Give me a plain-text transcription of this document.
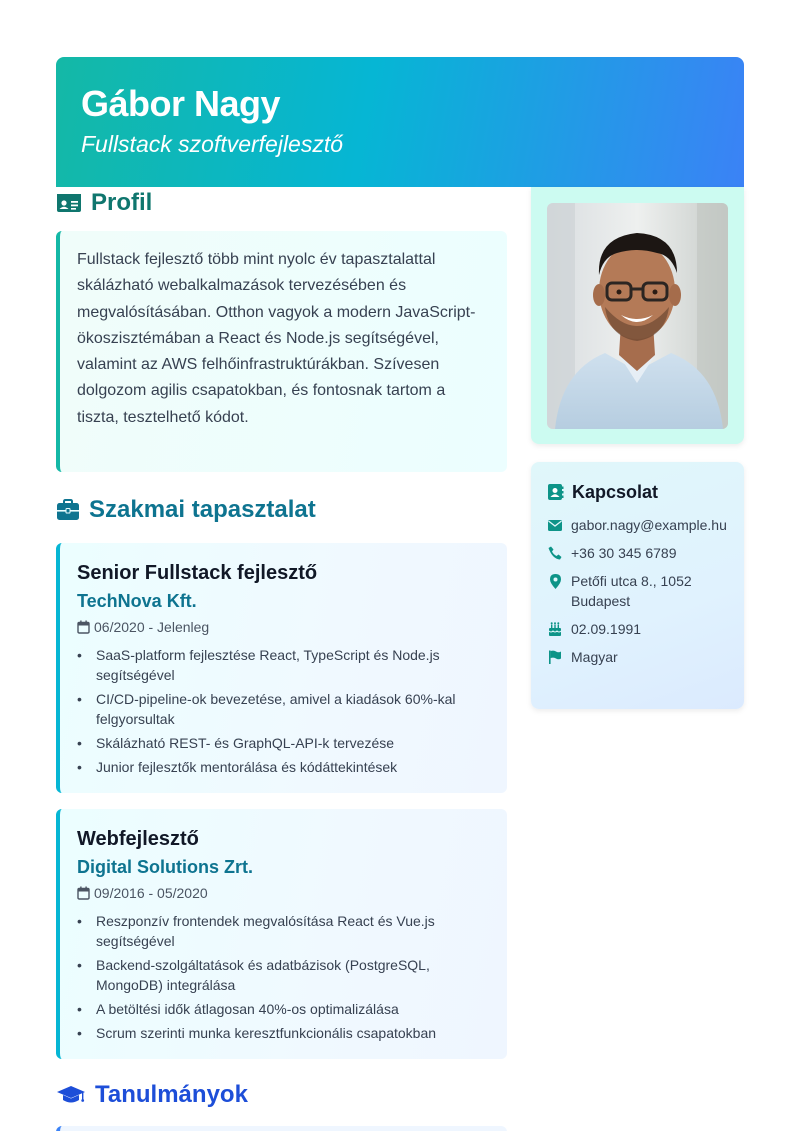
Gábor Nagy
Fullstack szoftverfejlesztő
Profil
Fullstack fejlesztő több mint nyolc év tapasztalattal skálázható webalkalmazások tervezésében és megvalósításában. Otthon vagyok a modern JavaScript-ökoszisztémában a React és Node.js segítségével, valamint az AWS felhőinfrastruktúrákban. Szívesen dolgozom agilis csapatokban, és fontosnak tartom a tiszta, tesztelhető kódot.
Szakmai tapasztalat
Senior Fullstack fejlesztő
TechNova Kft.
06/2020 - Jelenleg
• SaaS-platform fejlesztése React, TypeScript és Node.js segítségével
• CI/CD-pipeline-ok bevezetése, amivel a kiadások 60%-kal felgyorsultak
• Skálázható REST- és GraphQL-API-k tervezése
• Junior fejlesztők mentorálása és kódáttekintések
Webfejlesztő
Digital Solutions Zrt.
09/2016 - 05/2020
• Reszponzív frontendek megvalósítása React és Vue.js segítségével
• Backend-szolgáltatások és adatbázisok (PostgreSQL, MongoDB) integrálása
• A betöltési idők átlagosan 40%-os optimalizálása
• Scrum szerinti munka keresztfunkcionális csapatokban
Tanulmányok
Kapcsolat
gabor.nagy@example.hu
+36 30 345 6789
Petőfi utca 8., 1052 Budapest
02.09.1991
Magyar
